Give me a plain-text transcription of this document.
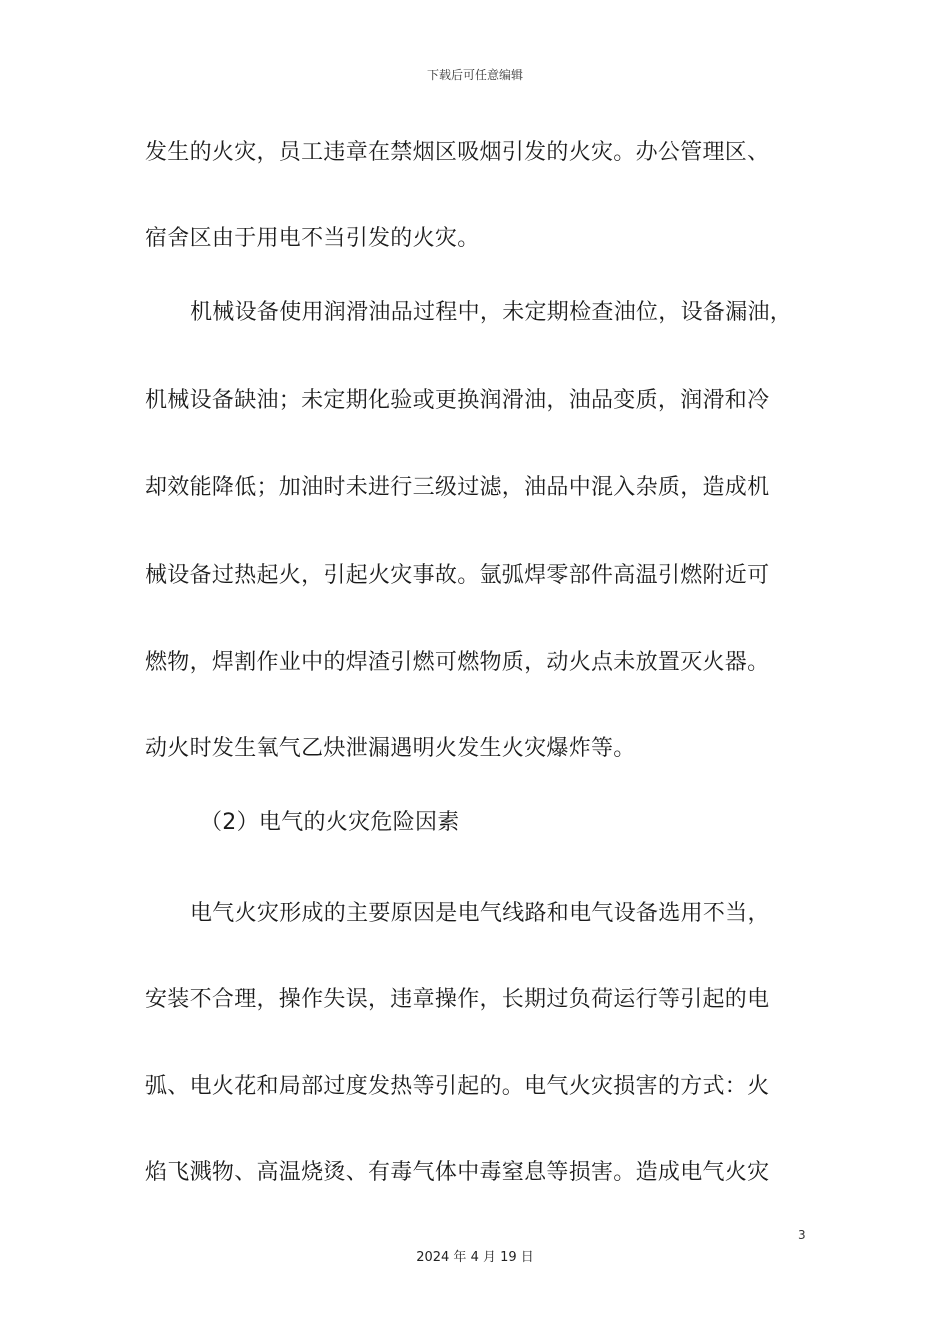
下载后可任意编辑
发生的火灾，员工违章在禁烟区吸烟引发的火灾。办公管理区、
宿舍区由于用电不当引发的火灾。
机械设备使用润滑油品过程中，未定期检查油位，设备漏油，
机械设备缺油；未定期化验或更换润滑油，油品变质，润滑和冷
却效能降低；加油时未进行三级过滤，油品中混入杂质，造成机
械设备过热起火，引起火灾事故。氩弧焊零部件高温引燃附近可
燃物，焊割作业中的焊渣引燃可燃物质，动火点未放置灭火器。
动火时发生氧气乙炔泄漏遇明火发生火灾爆炸等。
（2）电气的火灾危险因素
电气火灾形成的主要原因是电气线路和电气设备选用不当，
安装不合理，操作失误，违章操作，长期过负荷运行等引起的电
弧、电火花和局部过度发热等引起的。电气火灾损害的方式：火
焰飞溅物、高温烧烫、有毒气体中毒窒息等损害。造成电气火灾
3
2024 年 4 月 19 日
